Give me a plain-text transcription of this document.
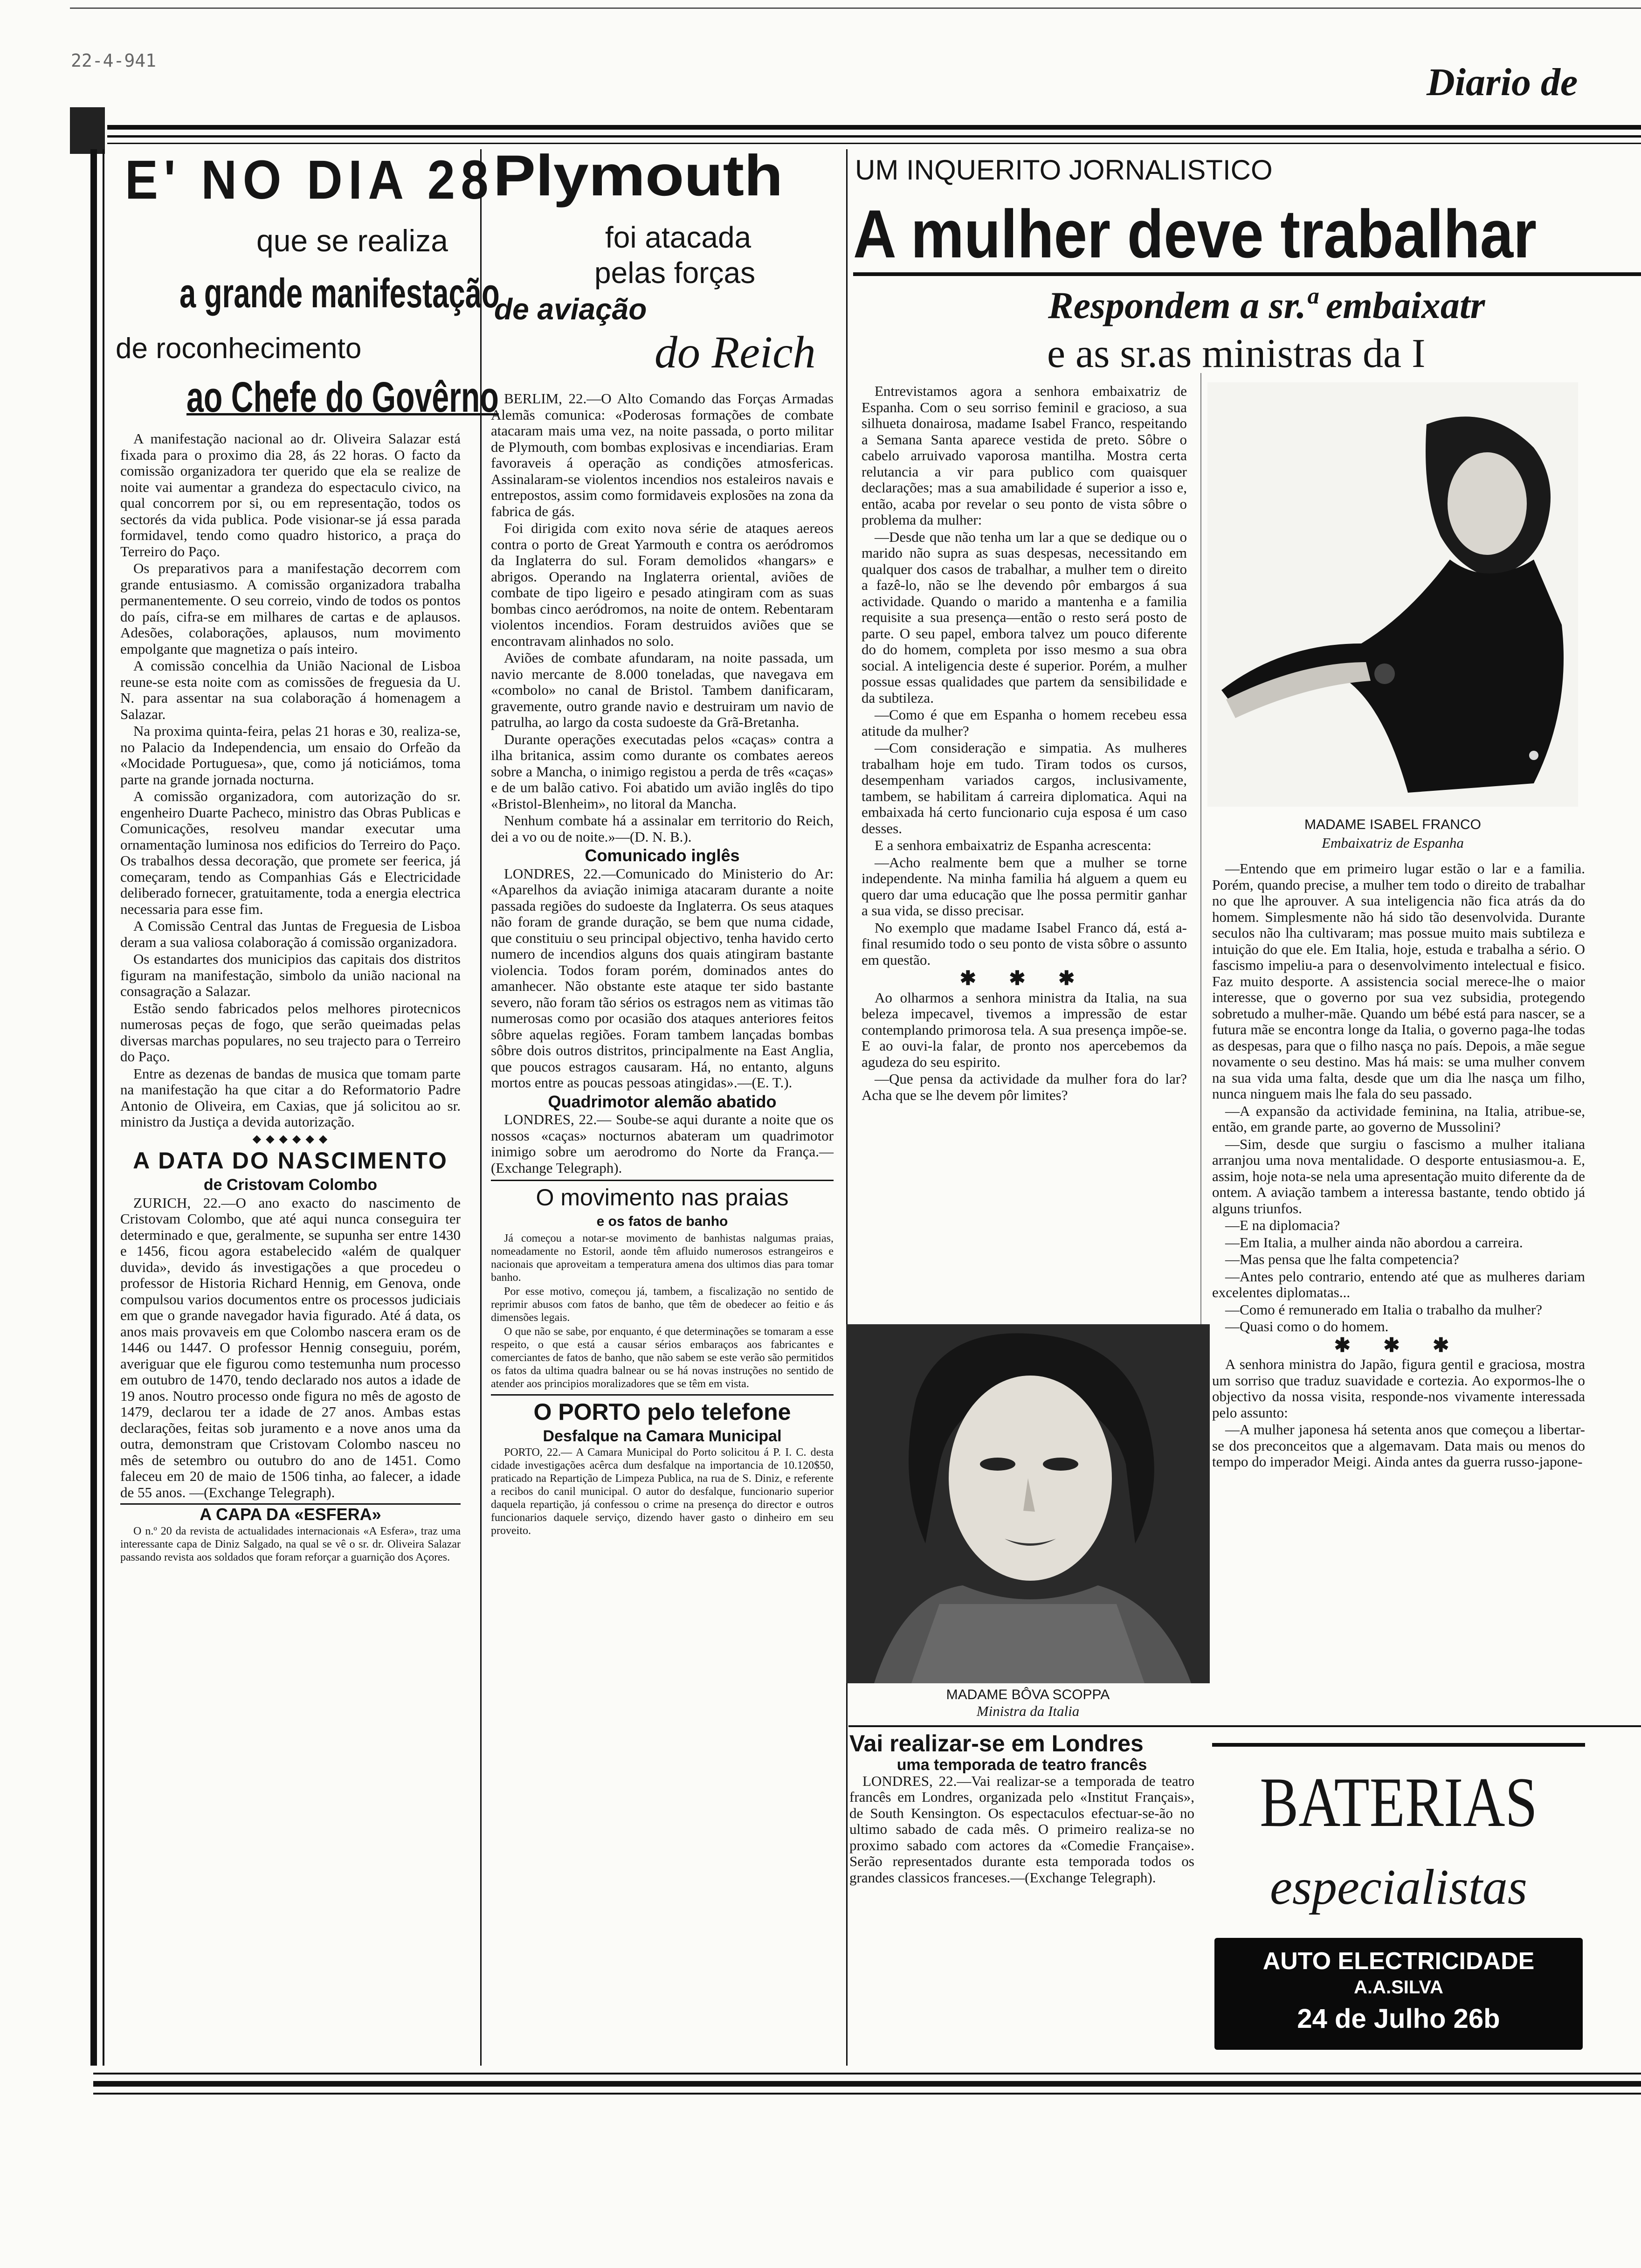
22-4-941	Diario de
E' NO DIA 28
que se realiza
a grande manifestação
de roconhecimento
ao Chefe do Govêrno

A manifestação nacional ao dr. Oliveira Salazar está fixada para o proximo dia 28, ás 22 horas. O facto da comissão organizadora ter querido que ela se realize de noite vai aumentar a grandeza do espectaculo civico, na qual concorrem por si, ou em representação, todos os sectorés da vida publica. Pode visionar-se já essa parada formidavel, tendo como quadro historico, a praça do Terreiro do Paço.

Os preparativos para a manifestação decorrem com grande entusiasmo. A comissão organizadora trabalha permanentemente. O seu correio, vindo de todos os pontos do país, cifra-se em milhares de cartas e de aplausos. Adesões, colaborações, aplausos, num movimento empolgante que magnetiza o país inteiro.

A comissão concelhia da União Nacional de Lisboa reune-se esta noite com as comissões de freguesia da U. N. para assentar na sua colaboração á homenagem a Salazar.

Na proxima quinta-feira, pelas 21 horas e 30, realiza-se, no Palacio da Independencia, um ensaio do Orfeão da «Mocidade Portuguesa», que, como já noticiámos, toma parte na grande jornada nocturna.

A comissão organizadora, com autorização do sr. engenheiro Duarte Pacheco, ministro das Obras Publicas e Comunicações, resolveu mandar executar uma ornamentação luminosa nos edificios do Terreiro do Paço. Os trabalhos dessa decoração, que promete ser feerica, já começaram, tendo as Companhias Gás e Electricidade deliberado fornecer, gratuitamente, toda a energia electrica necessaria para esse fim.

A Comissão Central das Juntas de Freguesia de Lisboa deram a sua valiosa colaboração á comissão organizadora.

Os estandartes dos municipios das capitais dos distritos figuram na manifestação, simbolo da união nacional na consagração a Salazar.

Estão sendo fabricados pelos melhores pirotecnicos numerosas peças de fogo, que serão queimadas pelas diversas marchas populares, no seu trajecto para o Terreiro do Paço.

Entre as dezenas de bandas de musica que tomam parte na manifestação ha que citar a do Reformatorio Padre Antonio de Oliveira, em Caxias, que já solicitou ao sr. ministro da Justiça a devida autorização.

◆ ◆ ◆ ◆ ◆ ◆
A DATA DO NASCIMENTO
de Cristovam Colombo

ZURICH, 22.—O ano exacto do nascimento de Cristovam Colombo, que até aqui nunca conseguira ter determinado e que, geralmente, se supunha ser entre 1430 e 1456, ficou agora estabelecido «além de qualquer duvida», devido ás investigações a que procedeu o professor de Historia Richard Hennig, em Genova, onde compulsou varios documentos entre os processos judiciais em que o grande navegador havia figurado. Até á data, os anos mais provaveis em que Colombo nascera eram os de 1446 ou 1447. O professor Hennig conseguiu, porém, averiguar que ele figurou como testemunha num processo em outubro de 1470, tendo declarado nos autos a idade de 19 anos. Noutro processo onde figura no mês de agosto de 1479, declarou ter a idade de 27 anos. Ambas estas declarações, feitas sob juramento e a nove anos uma da outra, demonstram que Cristovam Colombo nasceu no mês de setembro ou outubro do ano de 1451. Como faleceu em 20 de maio de 1506 tinha, ao falecer, a idade de 55 anos. —(Exchange Telegraph).

A CAPA DA «ESFERA»

O n.º 20 da revista de actualidades internacionais «A Esfera», traz uma interessante capa de Diniz Salgado, na qual se vê o sr. dr. Oliveira Salazar passando revista aos soldados que foram reforçar a guarnição dos Açores.

Plymouth
foi atacada
pelas forças
de aviação
do Reich

BERLIM, 22.—O Alto Comando das Forças Armadas Alemãs comunica: «Poderosas formações de combate atacaram mais uma vez, na noite passada, o porto militar de Plymouth, com bombas explosivas e incendiarias. Eram favoraveis á operação as condições atmosfericas. Assinalaram-se violentos incendios nos estaleiros navais e entrepostos, assim como formidaveis explosões na zona da fabrica de gás.

Foi dirigida com exito nova série de ataques aereos contra o porto de Great Yarmouth e contra os aeródromos da Inglaterra do sul. Foram demolidos «hangars» e abrigos. Operando na Inglaterra oriental, aviões de combate de tipo ligeiro e pesado atingiram com as suas bombas cinco aeródromos, na noite de ontem. Rebentaram violentos incendios. Foram destruidos aviões que se encontravam alinhados no solo.

Aviões de combate afundaram, na noite passada, um navio mercante de 8.000 toneladas, que navegava em «combolo» no canal de Bristol. Tambem danificaram, gravemente, outro grande navio e destruiram um navio de patrulha, ao largo da costa sudoeste da Grã-Bretanha.

Durante operações executadas pelos «caças» contra a ilha britanica, assim como durante os combates aereos sobre a Mancha, o inimigo registou a perda de três «caças» e de um balão cativo. Foi abatido um avião inglês do tipo «Bristol-Blenheim», no litoral da Mancha.

Nenhum combate há a assinalar em territorio do Reich, dei a vo ou de noite.»—(D. N. B.).

Comunicado inglês

LONDRES, 22.—Comunicado do Ministerio do Ar: «Aparelhos da aviação inimiga atacaram durante a noite passada regiões do sudoeste da Inglaterra. Os seus ataques não foram de grande duração, se bem que numa cidade, que constituiu o seu principal objectivo, tenha havido certo numero de incendios alguns dos quais atingiram bastante violencia. Todos foram porém, dominados antes do amanhecer. Não obstante este ataque ter sido bastante severo, não foram tão sérios os estragos nem as vitimas tão numerosas como por ocasião dos ataques anteriores feitos sôbre aquelas regiões. Foram tambem lançadas bombas sôbre dois outros distritos, principalmente na East Anglia, que poucos estragos causaram. Há, no entanto, alguns mortos entre as poucas pessoas atingidas».—(E. T.).

Quadrimotor alemão abatido

LONDRES, 22.— Soube-se aqui durante a noite que os nossos «caças» nocturnos abateram um quadrimotor inimigo sobre um aerodromo do Norte da França.—(Exchange Telegraph).

O movimento nas praias
e os fatos de banho

Já começou a notar-se movimento de banhistas nalgumas praias, nomeadamente no Estoril, aonde têm afluido numerosos estrangeiros e nacionais que aproveitam a temperatura amena dos ultimos dias para tomar banho.

Por esse motivo, começou já, tambem, a fiscalização no sentido de reprimir abusos com fatos de banho, que têm de obedecer ao feitio e ás dimensões legais.

O que não se sabe, por enquanto, é que determinações se tomaram a esse respeito, o que está a causar sérios embaraços aos fabricantes e comerciantes de fatos de banho, que não sabem se este verão são permitidos os fatos da ultima quadra balnear ou se há novas instruções no sentido de atender aos principios moralizadores que se têm em vista.

O PORTO pelo telefone
Desfalque na Camara Municipal

PORTO, 22.— A Camara Municipal do Porto solicitou á P. I. C. desta cidade investigações acêrca dum desfalque na importancia de 10.120$50, praticado na Repartição de Limpeza Publica, na rua de S. Diniz, e referente a recibos do canil municipal. O autor do desfalque, funcionario superior daquela repartição, já confessou o crime na presença do director e outros funcionarios daquele serviço, dizendo haver gasto o dinheiro em seu proveito.

UM INQUERITO JORNALISTICO
A mulher deve trabalhar
Respondem a sr.ª embaixatr
e as sr.as ministras da I

Entrevistamos agora a senhora embaixatriz de Espanha. Com o seu sorriso feminil e gracioso, a sua silhueta donairosa, madame Isabel Franco, respeitando a Semana Santa aparece vestida de preto. Sôbre o cabelo arruivado vaporosa mantilha. Mostra certa relutancia a vir para publico com quaisquer declarações; mas a sua amabilidade é superior a isso e, então, acaba por revelar o seu ponto de vista sôbre o problema da mulher:

—Desde que não tenha um lar a que se dedique ou o marido não supra as suas despesas, necessitando em qualquer dos casos de trabalhar, a mulher tem o direito a fazê-lo, não se lhe devendo pôr embargos á sua actividade. Quando o marido a mantenha e a familia requisite a sua presença—então o resto será posto de parte. O seu papel, embora talvez um pouco diferente do do homem, completa por isso mesmo a sua obra social. A inteligencia deste é superior. Porém, a mulher possue essas qualidades que partem da sensibilidade e da subtileza.

—Como é que em Espanha o homem recebeu essa atitude da mulher?

—Com consideração e simpatia. As mulheres trabalham hoje em tudo. Tiram todos os cursos, desempenham variados cargos, inclusivamente, tambem, se habilitam á carreira diplomatica. Aqui na embaixada há certo funcionario cuja esposa é um caso desses.

E a senhora embaixatriz de Espanha acrescenta:

—Acho realmente bem que a mulher se torne independente. Na minha familia há alguem a quem eu quero dar uma educação que lhe possa permitir ganhar a sua vida, se disso precisar.

No exemplo que madame Isabel Franco dá, está a-final resumido todo o seu ponto de vista sôbre o assunto em questão.

✱ ✱ ✱

Ao olharmos a senhora ministra da Italia, na sua beleza impecavel, tivemos a impressão de estar contemplando primorosa tela. A sua presença impõe-se. E ao ouvi-la falar, de pronto nos apercebemos da agudeza do seu espirito.

—Que pensa da actividade da mulher fora do lar? Acha que se lhe devem pôr limites?

MADAME ISABEL FRANCO
Embaixatriz de Espanha
MADAME BÔVA SCOPPA
Ministra da Italia

—Entendo que em primeiro lugar estão o lar e a familia. Porém, quando precise, a mulher tem todo o direito de trabalhar no que lhe aprouver. A sua inteligencia não fica atrás da do homem. Simplesmente não há sido tão desenvolvida. Durante seculos não lha cultivaram; mas possue muito mais subtileza e intuição do que ele. Em Italia, hoje, estuda e trabalha a sério. O fascismo impeliu-a para o desenvolvimento intelectual e fisico. Faz muito desporte. A assistencia social merece-lhe o maior interesse, que o governo por sua vez subsidia, protegendo sobretudo a mulher-mãe. Quando um bébé está para nascer, se a futura mãe se encontra longe da Italia, o governo paga-lhe todas as despesas, para que o filho nasça no país. Depois, a mãe segue novamente o seu destino. Mas há mais: se uma mulher convem na sua vida uma falta, desde que um dia lhe nasça um filho, nunca ninguem mais lhe fala do seu passado.

—A expansão da actividade feminina, na Italia, atribue-se, então, em grande parte, ao governo de Mussolini?

—Sim, desde que surgiu o fascismo a mulher italiana arranjou uma nova mentalidade. O desporte entusiasmou-a. E, assim, hoje nota-se nela uma apresentação muito diferente da de ontem. A aviação tambem a interessa bastante, tendo obtido já alguns triunfos.

—E na diplomacia?

—Em Italia, a mulher ainda não abordou a carreira.

—Mas pensa que lhe falta competencia?

—Antes pelo contrario, entendo até que as mulheres dariam excelentes diplomatas...

—Como é remunerado em Italia o trabalho da mulher?

—Quasi como o do homem.

✱ ✱ ✱

A senhora ministra do Japão, figura gentil e graciosa, mostra um sorriso que traduz suavidade e cortezia. Ao expormos-lhe o objectivo da nossa visita, responde-nos vivamente interessada pelo assunto:

—A mulher japonesa há setenta anos que começou a libertar-se dos preconceitos que a algemavam. Data mais ou menos do tempo do imperador Meigi. Ainda antes da guerra russo-japone-

Vai realizar-se em Londres
uma temporada de teatro francês

LONDRES, 22.—Vai realizar-se a temporada de teatro francês em Londres, organizada pelo «Institut Français», de South Kensington. Os espectaculos efectuar-se-ão no ultimo sabado de cada mês. O primeiro realiza-se no proximo sabado com actores da «Comedie Française». Serão representados durante esta temporada todos os grandes classicos franceses.—(Exchange Telegraph).

BATERIAS
especialistas
AUTO ELECTRICIDADE
A.A.SILVA
24 de Julho 26b
